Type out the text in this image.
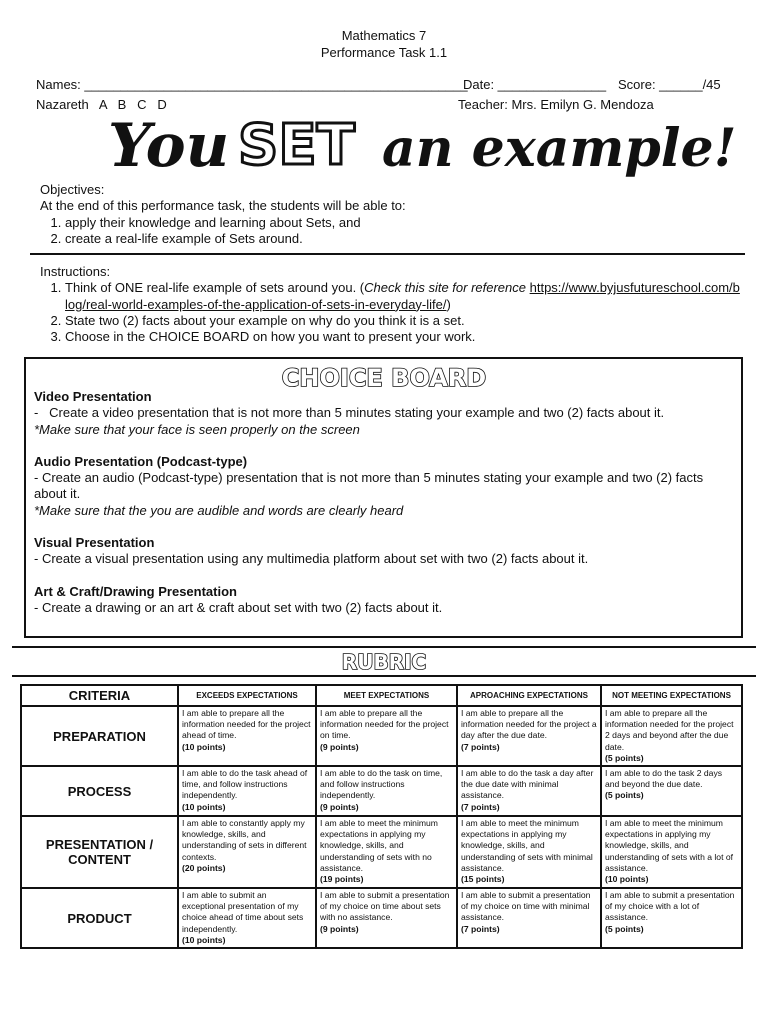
Mathematics 7
Performance Task 1.1
Names: _____________________________________________________
Date: _______________ Score: ______/45
Nazareth   A   B   C   D	Teacher: Mrs. Emilyn G. Mendoza
You SET an example!
Objectives:
At the end of this performance task, the students will be able to:
1. apply their knowledge and learning about Sets, and
2. create a real-life example of Sets around.
Instructions:
1. Think of ONE real-life example of sets around you. (Check this site for reference https://www.byjusfutureschool.com/blog/real-world-examples-of-the-application-of-sets-in-everyday-life/)
2. State two (2) facts about your example on why do you think it is a set.
3. Choose in the CHOICE BOARD on how you want to present your work.
CHOICE BOARD
Video Presentation

-   Create a video presentation that is not more than 5 minutes stating your example and two (2) facts about it.

*Make sure that your face is seen properly on the screen

Audio Presentation (Podcast-type)

- Create an audio (Podcast-type) presentation that is not more than 5 minutes stating your example and two (2) facts about it.

*Make sure that the you are audible and words are clearly heard

Visual Presentation

- Create a visual presentation using any multimedia platform about set with two (2) facts about it.

Art & Craft/Drawing Presentation

- Create a drawing or an art & craft about set with two (2) facts about it.

RUBRIC
CRITERIA	EXCEEDS EXPECTATIONS	MEET EXPECTATIONS	APROACHING EXPECTATIONS	NOT MEETING EXPECTATIONS
PREPARATION	I am able to prepare all the information needed for the project ahead of time.
(10 points)	I am able to prepare all the information needed for the project on time.
(9 points)	I am able to prepare all the information needed for the project a day after the due date.
(7 points)	I am able to prepare all the information needed for the project 2 days and beyond after the due date.
(5 points)

PROCESS	I am able to do the task ahead of time, and follow instructions independently.
(10 points)	I am able to do the task on time, and follow instructions independently.
(9 points)	I am able to do the task a day after the due date with minimal assistance.
(7 points)	I am able to do the task 2 days and beyond the due date.
(5 points)

PRESENTATION / CONTENT	I am able to constantly apply my knowledge, skills, and understanding of sets in different contexts.
(20 points)	I am able to meet the minimum expectations in applying my knowledge, skills, and understanding of sets with no assistance.
(19 points)	I am able to meet the minimum expectations in applying my knowledge, skills, and understanding of sets with minimal assistance.
(15 points)	I am able to meet the minimum expectations in applying my knowledge, skills, and understanding of sets with a lot of assistance.
(10 points)

PRODUCT	I am able to submit an exceptional presentation of my choice ahead of time about sets independently.
(10 points)	I am able to submit a presentation of my choice on time about sets with no assistance.
(9 points)	I am able to submit a presentation of my choice on time with minimal assistance.
(7 points)	I am able to submit a presentation of my choice with a lot of assistance.
(5 points)
